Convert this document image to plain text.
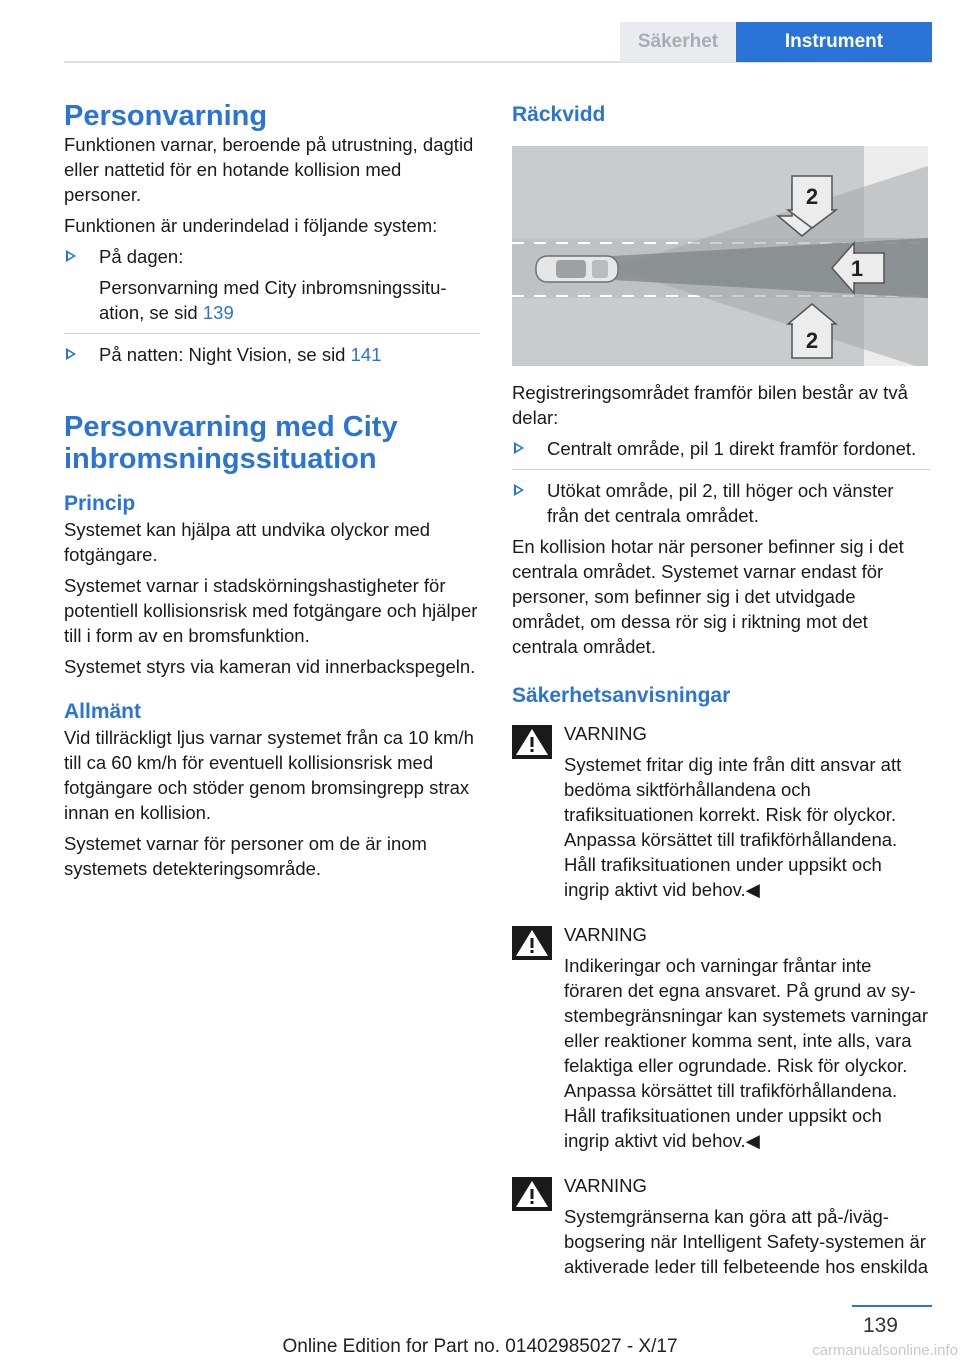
Säkerhet	Instrument
Personvarning

Funktionen varnar, beroende på utrustning, dagtid eller nattetid för en hotande kollision med personer.

Funktionen är underindelad i följande system:

På dagen:

Personvarning med City inbromsningssituation, se sid 139
På natten: Night Vision, se sid 141
Personvarning med City inbromsningssituation
Princip

Systemet kan hjälpa att undvika olyckor med fotgängare.

Systemet varnar i stadskörningshastigheter för potentiell kollisionsrisk med fotgängare och hjälper till i form av en bromsfunktion.

Systemet styrs via kameran vid innerbackspegeln.

Allmänt

Vid tillräckligt ljus varnar systemet från ca 10 km/h till ca 60 km/h för eventuell kollisionsrisk med fotgängare och stöder genom bromsingrepp strax innan en kollision.

Systemet varnar för personer om de är inom systemets detekteringsområde.

Räckvidd
2
1
2

Registreringsområdet framför bilen består av två delar:

Centralt område, pil 1 direkt framför fordonet.
Utökat område, pil 2, till höger och vänster från det centrala området.

En kollision hotar när personer befinner sig i det centrala området. Systemet varnar endast för personer, som befinner sig i det utvidgade området, om dessa rör sig i riktning mot det centrala området.

Säkerhetsanvisningar
VARNING

Systemet fritar dig inte från ditt ansvar att bedöma siktförhållandena och trafiksituationen korrekt. Risk för olyckor. Anpassa körsättet till trafikförhållandena. Håll trafiksituationen under uppsikt och ingrip aktivt vid behov.◀

VARNING

Indikeringar och varningar fråntar inte föraren det egna ansvaret. På grund av systembegränsningar kan systemets varningar eller reaktioner komma sent, inte alls, vara felaktiga eller ogrundade. Risk för olyckor. Anpassa körsättet till trafikförhållandena. Håll trafiksituationen under uppsikt och ingrip aktivt vid behov.◀

VARNING

Systemgränserna kan göra att på-/ivägbogsering när Intelligent Safety-systemen är aktiverade leder till felbeteende hos enskilda

139
Online Edition for Part no. 01402985027 - X/17	carmanualsonline.info
